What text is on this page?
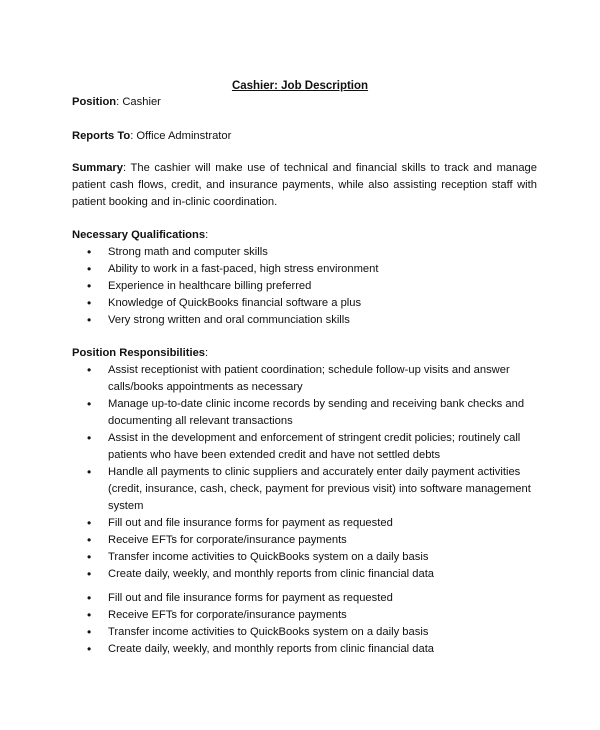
Cashier: Job Description
Position: Cashier
Reports To: Office Adminstrator
Summary: The cashier will make use of technical and financial skills to track and manage patient cash flows, credit, and insurance payments, while also assisting reception staff with patient booking and in-clinic coordination.
Necessary Qualifications:
• Strong math and computer skills
• Ability to work in a fast-paced, high stress environment
• Experience in healthcare billing preferred
• Knowledge of QuickBooks financial software a plus
• Very strong written and oral communciation skills
Position Responsibilities:
• Assist receptionist with patient coordination; schedule follow-up visits and answer calls/books appointments as necessary
• Manage up-to-date clinic income records by sending and receiving bank checks and documenting all relevant transactions
• Assist in the development and enforcement of stringent credit policies; routinely call patients who have been extended credit and have not settled debts
• Handle all payments to clinic suppliers and accurately enter daily payment activities (credit, insurance, cash, check, payment for previous visit) into software management system
• Fill out and file insurance forms for payment as requested
• Receive EFTs for corporate/insurance payments
• Transfer income activities to QuickBooks system on a daily basis
• Create daily, weekly, and monthly reports from clinic financial data
• Fill out and file insurance forms for payment as requested
• Receive EFTs for corporate/insurance payments
• Transfer income activities to QuickBooks system on a daily basis
• Create daily, weekly, and monthly reports from clinic financial data
